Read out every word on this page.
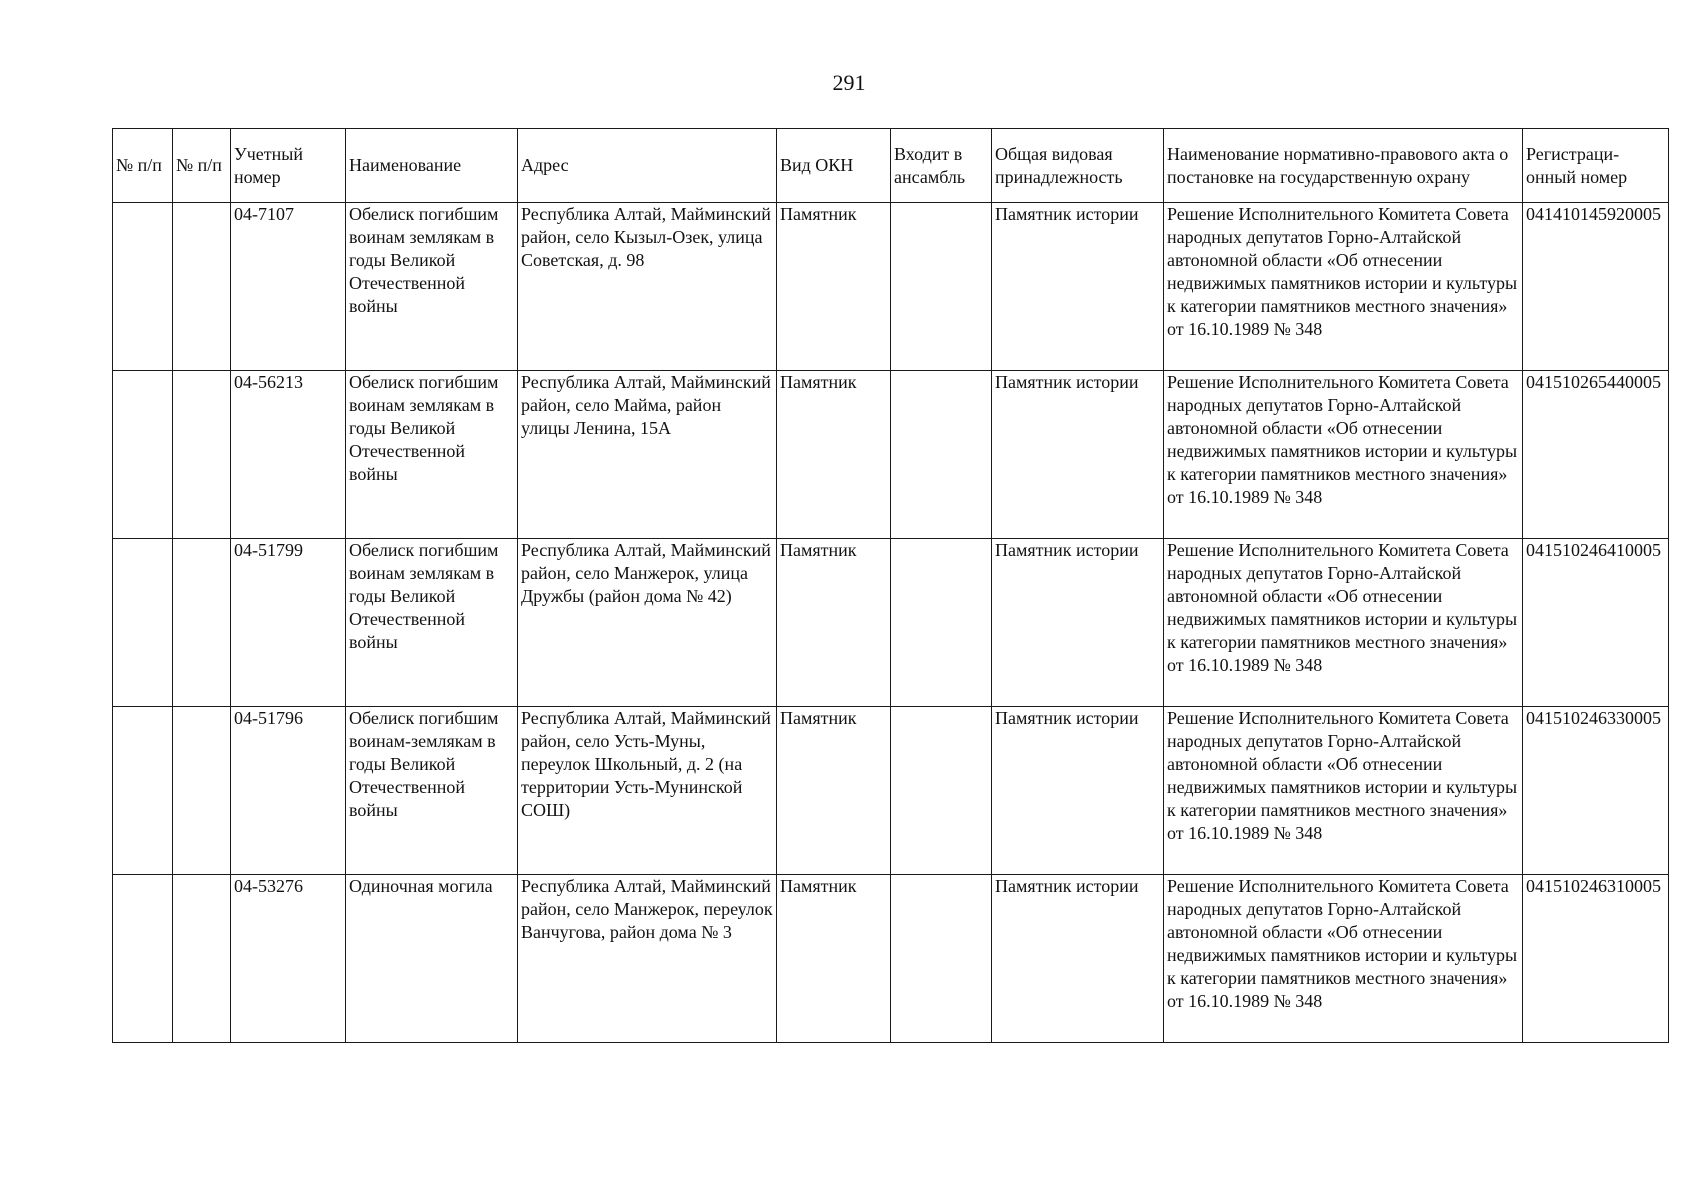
291
№ п/п	№ п/п	Учетный номер	Наименование	Адрес	Вид ОКН	Входит в ансамбль	Общая видовая принадлежность	Наименование нормативно-правового акта о постановке на государственную охрану	Регистраци-онный номер
		04-7107	Обелиск погибшим воинам землякам в годы Великой Отечественной войны	Республика Алтай, Майминский район, село Кызыл-Озек, улица Советская, д. 98	Памятник		Памятник истории	Решение Исполнительного Комитета Совета народных депутатов Горно-Алтайской автономной области «Об отнесении недвижимых памятников истории и культуры к категории памятников местного значения» от 16.10.1989 № 348	041410145920005
		04-56213	Обелиск погибшим воинам землякам в годы Великой Отечественной войны	Республика Алтай, Майминский район, село Майма, район улицы Ленина, 15А	Памятник		Памятник истории	Решение Исполнительного Комитета Совета народных депутатов Горно-Алтайской автономной области «Об отнесении недвижимых памятников истории и культуры к категории памятников местного значения» от 16.10.1989 № 348	041510265440005
		04-51799	Обелиск погибшим воинам землякам в годы Великой Отечественной войны	Республика Алтай, Майминский район, село Манжерок, улица Дружбы (район дома № 42)	Памятник		Памятник истории	Решение Исполнительного Комитета Совета народных депутатов Горно-Алтайской автономной области «Об отнесении недвижимых памятников истории и культуры к категории памятников местного значения» от 16.10.1989 № 348	041510246410005
		04-51796	Обелиск погибшим воинам-землякам в годы Великой Отечественной войны	Республика Алтай, Майминский район, село Усть-Муны, переулок Школьный, д. 2 (на территории Усть-Мунинской СОШ)	Памятник		Памятник истории	Решение Исполнительного Комитета Совета народных депутатов Горно-Алтайской автономной области «Об отнесении недвижимых памятников истории и культуры к категории памятников местного значения» от 16.10.1989 № 348	041510246330005
		04-53276	Одиночная могила	Республика Алтай, Майминский район, село Манжерок, переулок Ванчугова, район дома № 3	Памятник		Памятник истории	Решение Исполнительного Комитета Совета народных депутатов Горно-Алтайской автономной области «Об отнесении недвижимых памятников истории и культуры к категории памятников местного значения» от 16.10.1989 № 348	041510246310005
